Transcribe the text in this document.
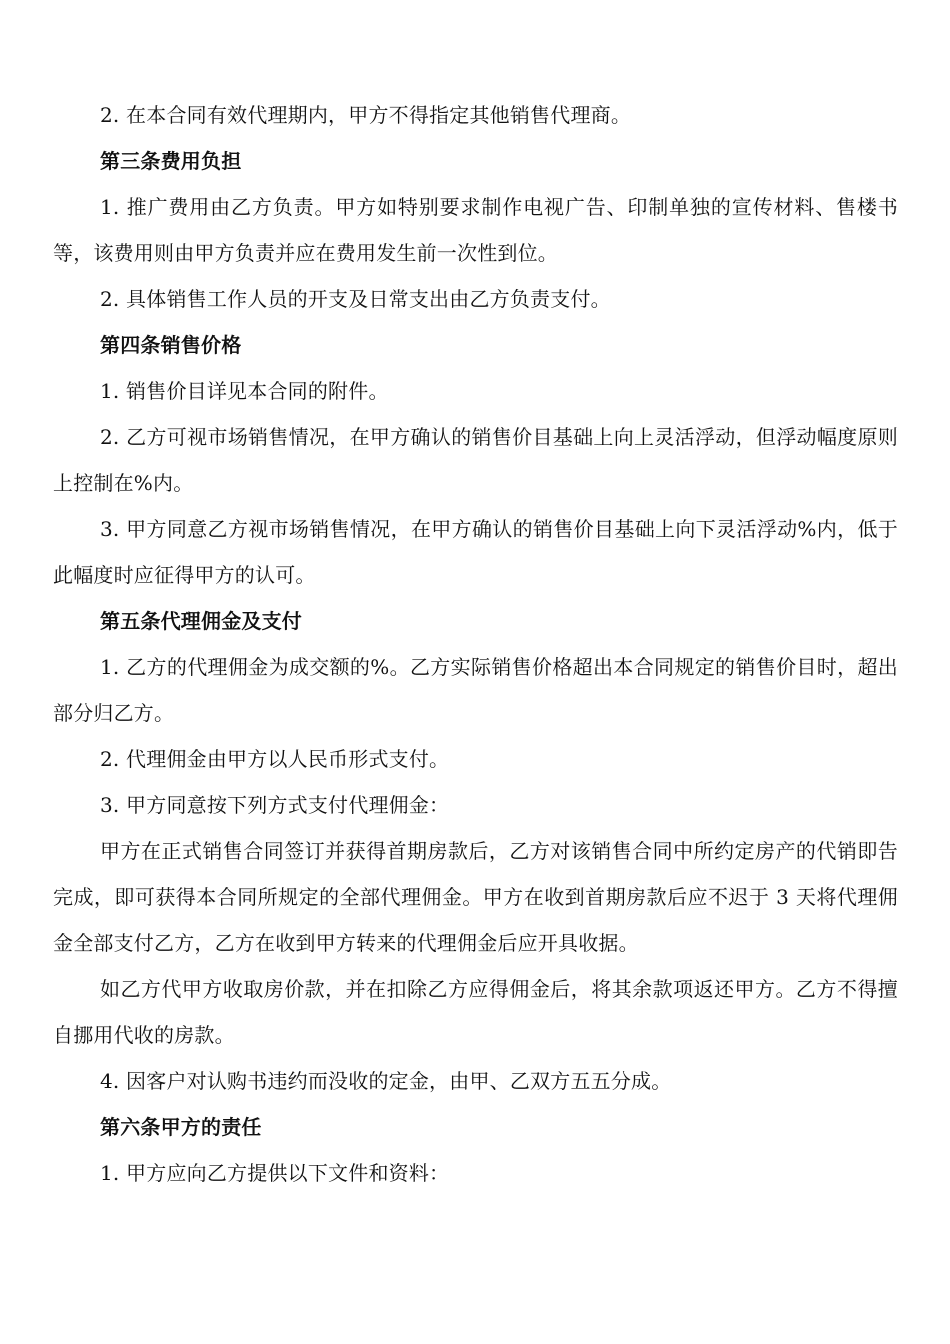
2. 在本合同有效代理期内，甲方不得指定其他销售代理商。

第三条费用负担

1. 推广费用由乙方负责。甲方如特别要求制作电视广告、印制单独的宣传材料、售楼书等，该费用则由甲方负责并应在费用发生前一次性到位。

2. 具体销售工作人员的开支及日常支出由乙方负责支付。

第四条销售价格

1. 销售价目详见本合同的附件。

2. 乙方可视市场销售情况，在甲方确认的销售价目基础上向上灵活浮动，但浮动幅度原则上控制在%内。

3. 甲方同意乙方视市场销售情况，在甲方确认的销售价目基础上向下灵活浮动%内，低于此幅度时应征得甲方的认可。

第五条代理佣金及支付

1. 乙方的代理佣金为成交额的%。乙方实际销售价格超出本合同规定的销售价目时，超出部分归乙方。

2. 代理佣金由甲方以人民币形式支付。

3. 甲方同意按下列方式支付代理佣金：

甲方在正式销售合同签订并获得首期房款后，乙方对该销售合同中所约定房产的代销即告完成，即可获得本合同所规定的全部代理佣金。甲方在收到首期房款后应不迟于 3 天将代理佣金全部支付乙方，乙方在收到甲方转来的代理佣金后应开具收据。

如乙方代甲方收取房价款，并在扣除乙方应得佣金后，将其余款项返还甲方。乙方不得擅自挪用代收的房款。

4. 因客户对认购书违约而没收的定金，由甲、乙双方五五分成。

第六条甲方的责任

1. 甲方应向乙方提供以下文件和资料：
